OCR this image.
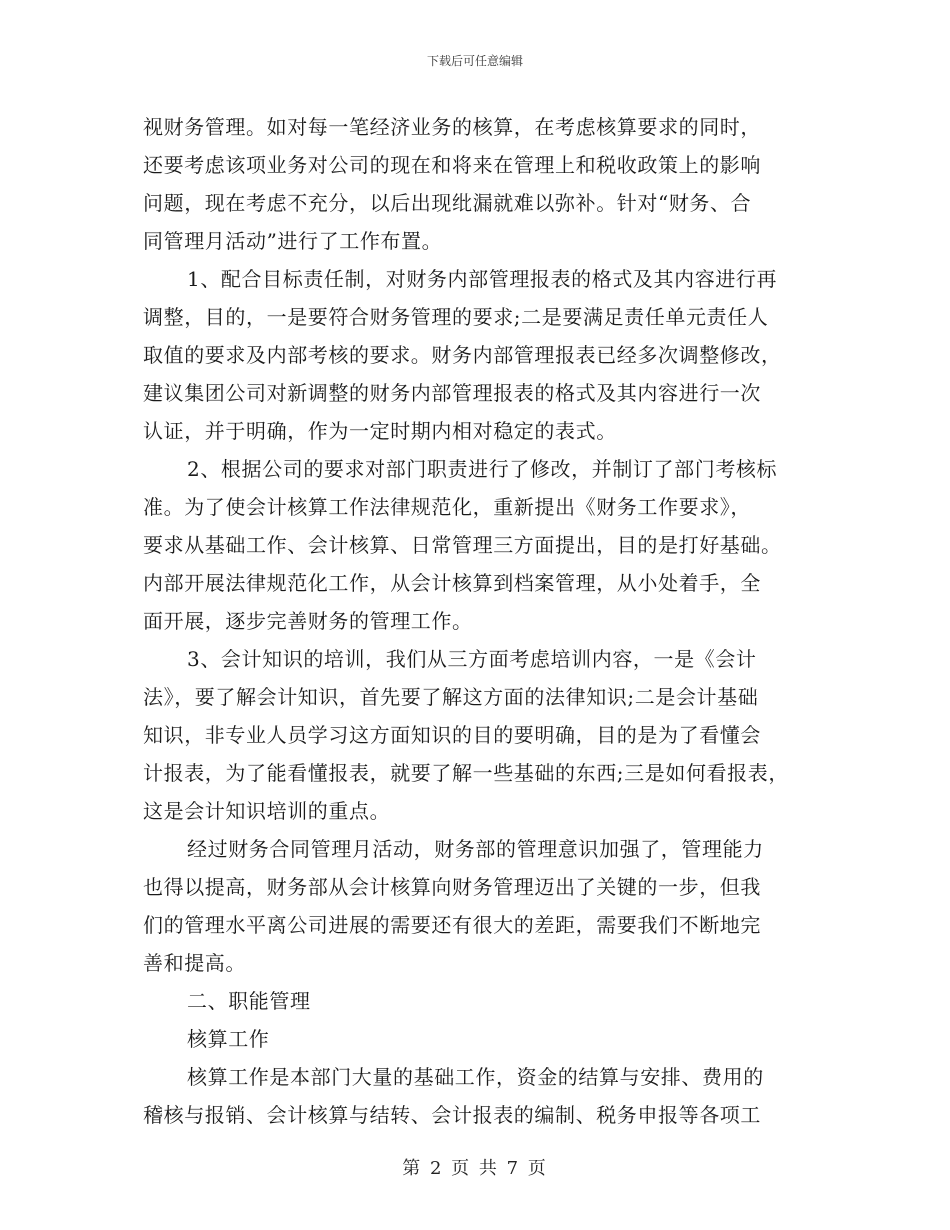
下载后可任意编辑
视财务管理。如对每一笔经济业务的核算，在考虑核算要求的同时，
还要考虑该项业务对公司的现在和将来在管理上和税收政策上的影响
问题，现在考虑不充分，以后出现纰漏就难以弥补。针对“财务、合
同管理月活动”进行了工作布置。
1、配合目标责任制，对财务内部管理报表的格式及其内容进行再
调整，目的，一是要符合财务管理的要求;二是要满足责任单元责任人
取值的要求及内部考核的要求。财务内部管理报表已经多次调整修改，
建议集团公司对新调整的财务内部管理报表的格式及其内容进行一次
认证，并于明确，作为一定时期内相对稳定的表式。
2、根据公司的要求对部门职责进行了修改，并制订了部门考核标
准。为了使会计核算工作法律规范化，重新提出《财务工作要求》，
要求从基础工作、会计核算、日常管理三方面提出，目的是打好基础。
内部开展法律规范化工作，从会计核算到档案管理，从小处着手，全
面开展，逐步完善财务的管理工作。
3、会计知识的培训，我们从三方面考虑培训内容，一是《会计
法》，要了解会计知识，首先要了解这方面的法律知识;二是会计基础
知识，非专业人员学习这方面知识的目的要明确，目的是为了看懂会
计报表，为了能看懂报表，就要了解一些基础的东西;三是如何看报表，
这是会计知识培训的重点。
经过财务合同管理月活动，财务部的管理意识加强了，管理能力
也得以提高，财务部从会计核算向财务管理迈出了关键的一步，但我
们的管理水平离公司进展的需要还有很大的差距，需要我们不断地完
善和提高。
二、职能管理
核算工作
核算工作是本部门大量的基础工作，资金的结算与安排、费用的
稽核与报销、会计核算与结转、会计报表的编制、税务申报等各项工
第 2 页 共 7 页
